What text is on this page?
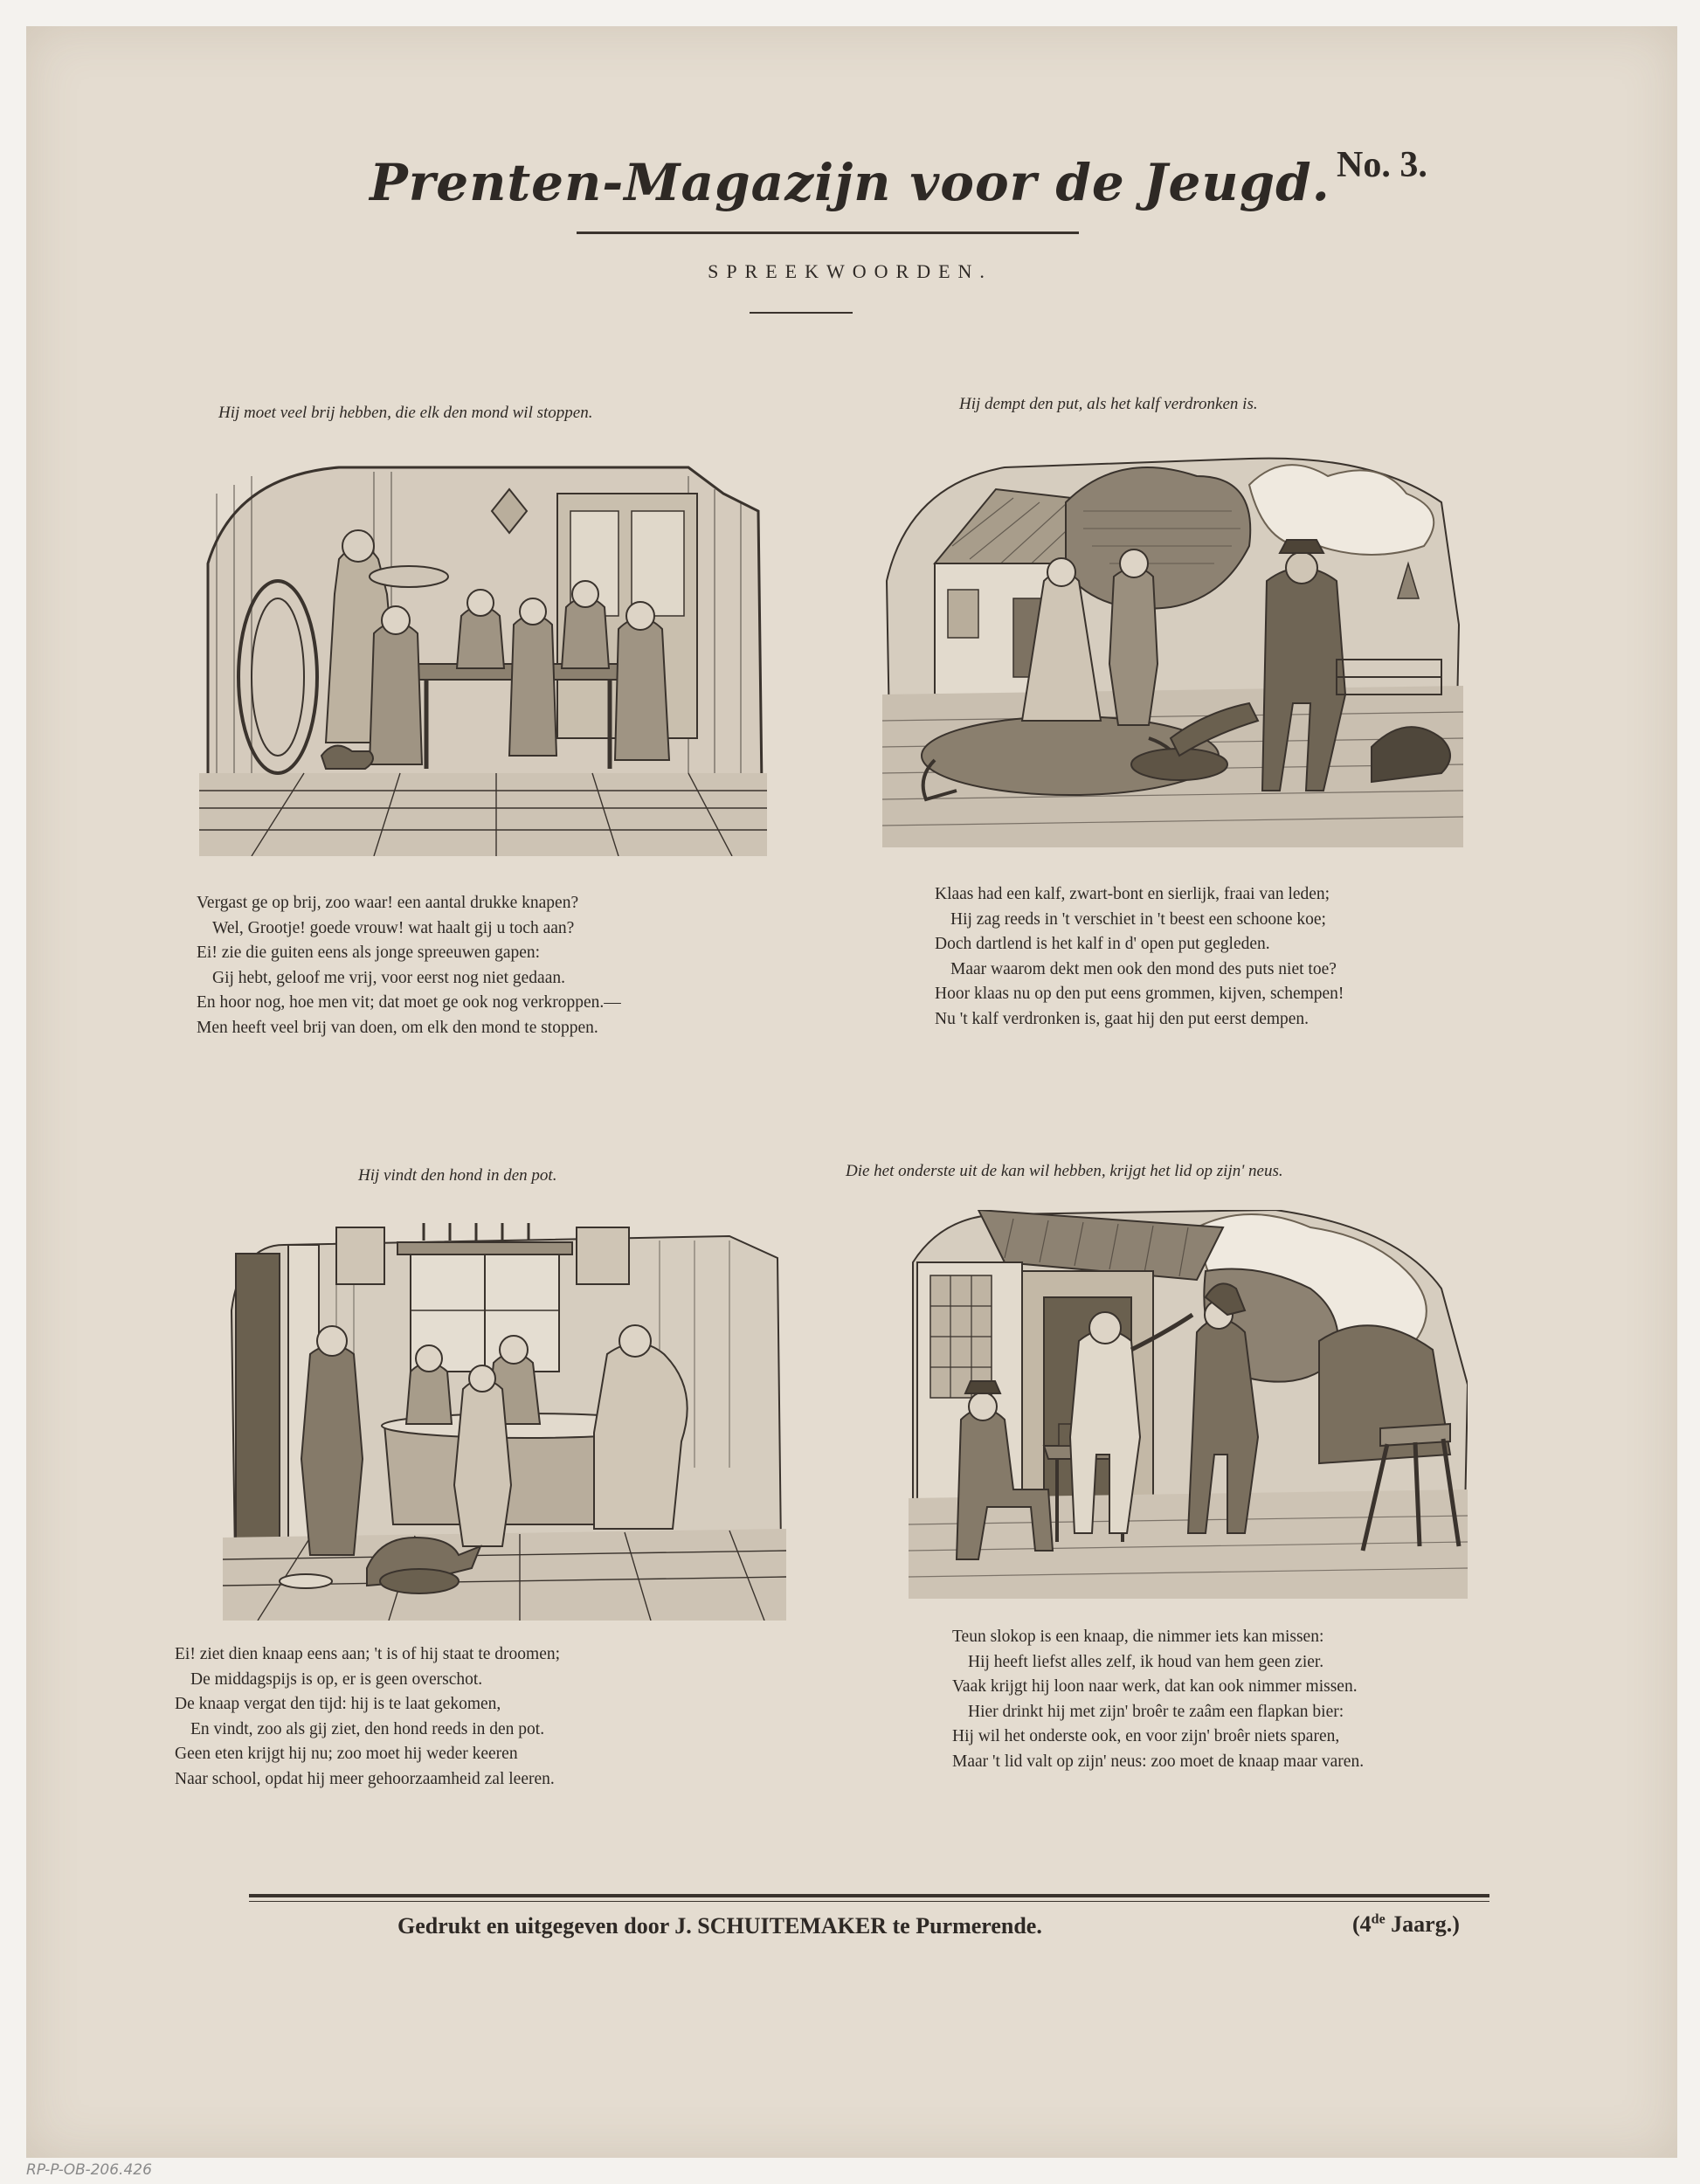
Prenten-Magazijn voor de Jeugd. No. 3.
SPREEKWOORDEN.
Hij moet veel brij hebben, die elk den mond wil stoppen.
Vergast ge op brij, zoo waar! een aantal drukke knapen?
Wel, Grootje! goede vrouw! wat haalt gij u toch aan?
Ei! zie die guiten eens als jonge spreeuwen gapen:
Gij hebt, geloof me vrij, voor eerst nog niet gedaan.
En hoor nog, hoe men vit; dat moet ge ook nog verkroppen.—
Men heeft veel brij van doen, om elk den mond te stoppen.
Hij dempt den put, als het kalf verdronken is.
Klaas had een kalf, zwart-bont en sierlijk, fraai van leden;
Hij zag reeds in 't verschiet in 't beest een schoone koe;
Doch dartlend is het kalf in d' open put gegleden.
Maar waarom dekt men ook den mond des puts niet toe?
Hoor klaas nu op den put eens grommen, kijven, schempen!
Nu 't kalf verdronken is, gaat hij den put eerst dempen.
Hij vindt den hond in den pot.
Ei! ziet dien knaap eens aan; 't is of hij staat te droomen;
De middagspijs is op, er is geen overschot.
De knaap vergat den tijd: hij is te laat gekomen,
En vindt, zoo als gij ziet, den hond reeds in den pot.
Geen eten krijgt hij nu; zoo moet hij weder keeren
Naar school, opdat hij meer gehoorzaamheid zal leeren.
Die het onderste uit de kan wil hebben, krijgt het lid op zijn' neus.
Teun slokop is een knaap, die nimmer iets kan missen:
Hij heeft liefst alles zelf, ik houd van hem geen zier.
Vaak krijgt hij loon naar werk, dat kan ook nimmer missen.
Hier drinkt hij met zijn' broêr te zaâm een flapkan bier:
Hij wil het onderste ook, en voor zijn' broêr niets sparen,
Maar 't lid valt op zijn' neus: zoo moet de knaap maar varen.
Gedrukt en uitgegeven door J. SCHUITEMAKER te Purmerende.	(4de Jaarg.)
RP-P-OB-206.426
